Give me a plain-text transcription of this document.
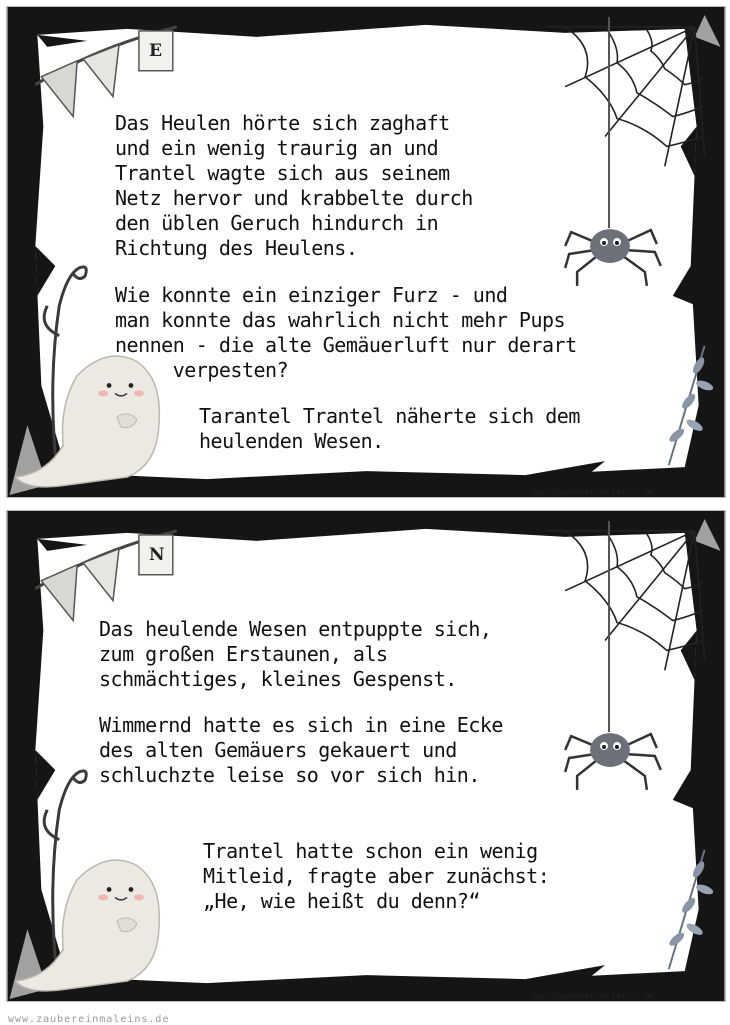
E
Das Heulen hörte sich zaghaft
und ein wenig traurig an und
Trantel wagte sich aus seinem
Netz hervor und krabbelte durch
den üblen Geruch hindurch in
Richtung des Heulens.
Wie konnte ein einziger Furz - und
man konnte das wahrlich nicht mehr Pups
nennen - die alte Gemäuerluft nur derart
verpesten?
Tarantel Trantel näherte sich dem
heulenden Wesen.
www.zaubereinmaleins.de
N
Das heulende Wesen entpuppte sich,
zum großen Erstaunen, als
schmächtiges, kleines Gespenst.
Wimmernd hatte es sich in eine Ecke
des alten Gemäuers gekauert und
schluchzte leise so vor sich hin.
Trantel hatte schon ein wenig
Mitleid, fragte aber zunächst:
„He, wie heißt du denn?“
www.zaubereinmaleins.de
www.zaubereinmaleins.de
